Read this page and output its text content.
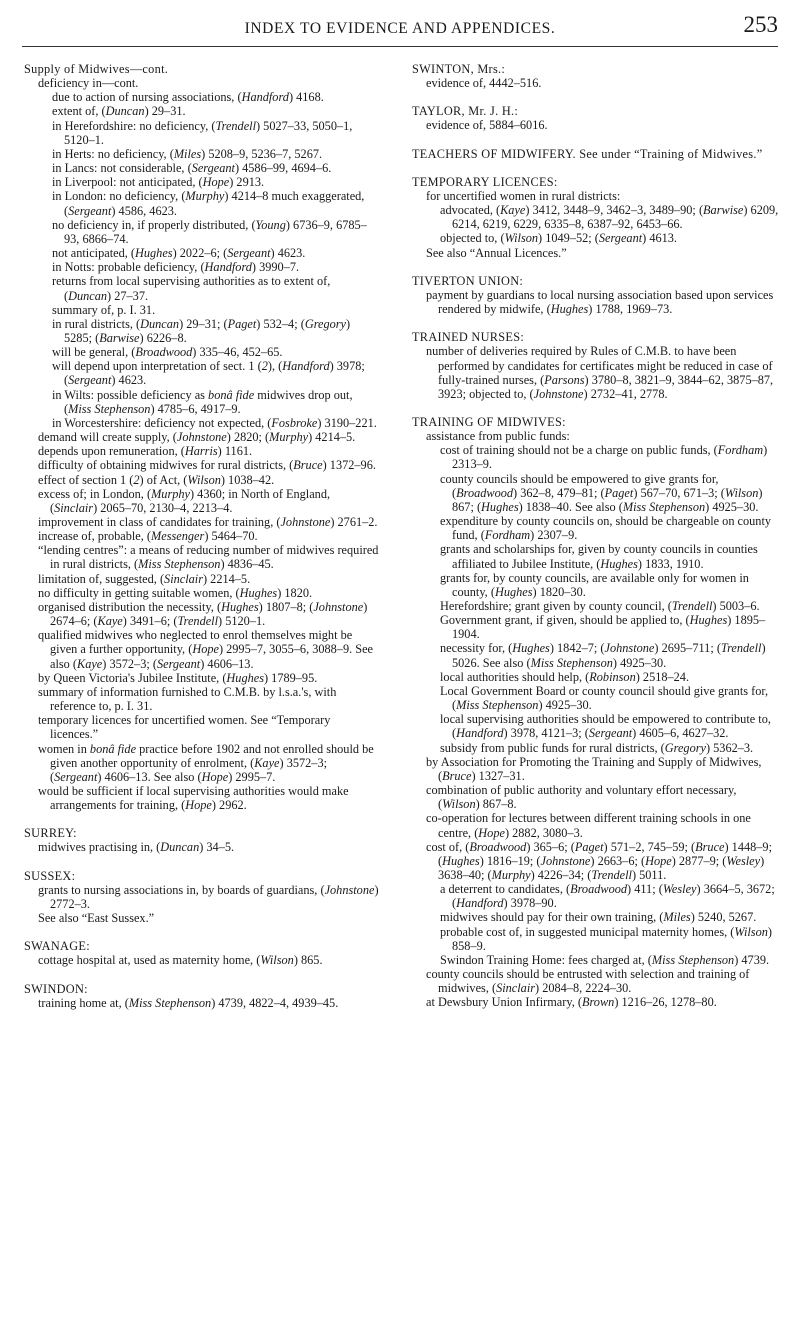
INDEX TO EVIDENCE AND APPENDICES.	253
Supply of Midwives—cont.
deficiency in—cont.
due to action of nursing associations, (Handford) 4168.
extent of, (Duncan) 29–31.
in Herefordshire: no deficiency, (Trendell) 5027–33, 5050–1, 5120–1.
in Herts: no deficiency, (Miles) 5208–9, 5236–7, 5267.
in Lancs: not considerable, (Sergeant) 4586–99, 4694–6.
in Liverpool: not anticipated, (Hope) 2913.
in London: no deficiency, (Murphy) 4214–8 much exaggerated, (Sergeant) 4586, 4623.
no deficiency in, if properly distributed, (Young) 6736–9, 6785–93, 6866–74.
not anticipated, (Hughes) 2022–6; (Sergeant) 4623.
in Notts: probable deficiency, (Handford) 3990–7.
returns from local supervising authorities as to extent of, (Duncan) 27–37.
summary of, p. I. 31.
in rural districts, (Duncan) 29–31; (Paget) 532–4; (Gregory) 5285; (Barwise) 6226–8.
will be general, (Broadwood) 335–46, 452–65.
will depend upon interpretation of sect. 1 (2), (Handford) 3978; (Sergeant) 4623.
in Wilts: possible deficiency as bonâ fide midwives drop out, (Miss Stephenson) 4785–6, 4917–9.
in Worcestershire: deficiency not expected, (Fosbroke) 3190–221.
demand will create supply, (Johnstone) 2820; (Murphy) 4214–5.
depends upon remuneration, (Harris) 1161.
difficulty of obtaining midwives for rural districts, (Bruce) 1372–96.
effect of section 1 (2) of Act, (Wilson) 1038–42.
excess of; in London, (Murphy) 4360; in North of England, (Sinclair) 2065–70, 2130–4, 2213–4.
improvement in class of candidates for training, (Johnstone) 2761–2.
increase of, probable, (Messenger) 5464–70.
“lending centres”: a means of reducing number of midwives required in rural districts, (Miss Stephenson) 4836–45.
limitation of, suggested, (Sinclair) 2214–5.
no difficulty in getting suitable women, (Hughes) 1820.
organised distribution the necessity, (Hughes) 1807–8; (Johnstone) 2674–6; (Kaye) 3491–6; (Trendell) 5120–1.
qualified midwives who neglected to enrol themselves might be given a further opportunity, (Hope) 2995–7, 3055–6, 3088–9. See also (Kaye) 3572–3; (Sergeant) 4606–13.
by Queen Victoria's Jubilee Institute, (Hughes) 1789–95.
summary of information furnished to C.M.B. by l.s.a.'s, with reference to, p. I. 31.
temporary licences for uncertified women. See “Temporary licences.”
women in bonâ fide practice before 1902 and not enrolled should be given another opportunity of enrolment, (Kaye) 3572–3; (Sergeant) 4606–13. See also (Hope) 2995–7.
would be sufficient if local supervising authorities would make arrangements for training, (Hope) 2962.
SURREY:
midwives practising in, (Duncan) 34–5.
SUSSEX:
grants to nursing associations in, by boards of guardians, (Johnstone) 2772–3.
See also “East Sussex.”
SWANAGE:
cottage hospital at, used as maternity home, (Wilson) 865.
SWINDON:
training home at, (Miss Stephenson) 4739, 4822–4, 4939–45.
SWINTON, Mrs.:
evidence of, 4442–516.
TAYLOR, Mr. J. H.:
evidence of, 5884–6016.
TEACHERS OF MIDWIFERY. See under “Training of Midwives.”
TEMPORARY LICENCES:
for uncertified women in rural districts:
advocated, (Kaye) 3412, 3448–9, 3462–3, 3489–90; (Barwise) 6209, 6214, 6219, 6229, 6335–8, 6387–92, 6453–66.
objected to, (Wilson) 1049–52; (Sergeant) 4613.
See also “Annual Licences.”
TIVERTON UNION:
payment by guardians to local nursing association based upon services rendered by midwife, (Hughes) 1788, 1969–73.
TRAINED NURSES:
number of deliveries required by Rules of C.M.B. to have been performed by candidates for certificates might be reduced in case of fully-trained nurses, (Parsons) 3780–8, 3821–9, 3844–62, 3875–87, 3923; objected to, (Johnstone) 2732–41, 2778.
TRAINING OF MIDWIVES:
assistance from public funds:
cost of training should not be a charge on public funds, (Fordham) 2313–9.
county councils should be empowered to give grants for, (Broadwood) 362–8, 479–81; (Paget) 567–70, 671–3; (Wilson) 867; (Hughes) 1838–40. See also (Miss Stephenson) 4925–30.
expenditure by county councils on, should be chargeable on county fund, (Fordham) 2307–9.
grants and scholarships for, given by county councils in counties affiliated to Jubilee Institute, (Hughes) 1833, 1910.
grants for, by county councils, are available only for women in county, (Hughes) 1820–30.
Herefordshire; grant given by county council, (Trendell) 5003–6.
Government grant, if given, should be applied to, (Hughes) 1895–1904.
necessity for, (Hughes) 1842–7; (Johnstone) 2695–711; (Trendell) 5026. See also (Miss Stephenson) 4925–30.
local authorities should help, (Robinson) 2518–24.
Local Government Board or county council should give grants for, (Miss Stephenson) 4925–30.
local supervising authorities should be empowered to contribute to, (Handford) 3978, 4121–3; (Sergeant) 4605–6, 4627–32.
subsidy from public funds for rural districts, (Gregory) 5362–3.
by Association for Promoting the Training and Supply of Midwives, (Bruce) 1327–31.
combination of public authority and voluntary effort necessary, (Wilson) 867–8.
co-operation for lectures between different training schools in one centre, (Hope) 2882, 3080–3.
cost of, (Broadwood) 365–6; (Paget) 571–2, 745–59; (Bruce) 1448–9; (Hughes) 1816–19; (Johnstone) 2663–6; (Hope) 2877–9; (Wesley) 3638–40; (Murphy) 4226–34; (Trendell) 5011.
a deterrent to candidates, (Broadwood) 411; (Wesley) 3664–5, 3672; (Handford) 3978–90.
midwives should pay for their own training, (Miles) 5240, 5267.
probable cost of, in suggested municipal maternity homes, (Wilson) 858–9.
Swindon Training Home: fees charged at, (Miss Stephenson) 4739.
county councils should be entrusted with selection and training of midwives, (Sinclair) 2084–8, 2224–30.
at Dewsbury Union Infirmary, (Brown) 1216–26, 1278–80.
